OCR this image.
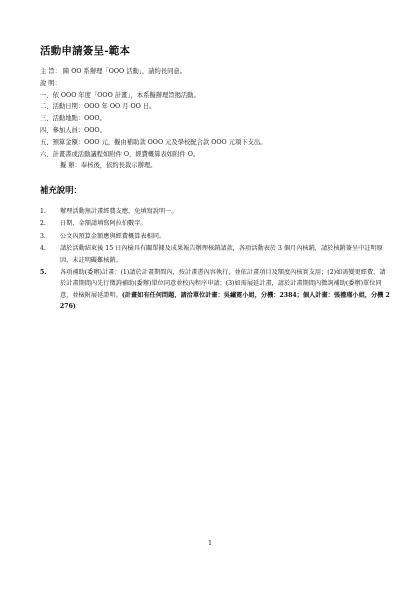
活動申請簽呈-範本
主 旨： 陳 OO 系辦理「OOO 活動」，請約長同意。
說 明：
一、依 OOO 年度「OOO 計畫」，本系擬辦理旨揭活動。
二、活動日期：OOO 年 OO 月 OO 日。
三、活動地點：OOO。
四、參加人員：OOO。
五、預算金額：OOO 元，擬由補助款 OOO 元及學校配合款 OOO 元項下支出。
六、計畫書或活動議程如附件 O，經費概算表如附件 O。
擬 辦：奉核後，依約長裁示辦理。
補充說明：
1.	辦理活動無計畫經費支應，免填寫說明一。
2.	日期、金額請填寫阿拉伯數字。
3.	公文內預算金額應與經費概算表相同。
4.	請於活動結束後 15 日內檢具有關單據及成果報告辦理核銷請款，各項活動表於 3 個月內核銷，請於核銷簽呈中註明原因，未註明礙難核銷。
5.	各項補助(委辦)計畫：(1)請於計畫期間內，按計畫書內容執行，並依計畫項目及額度內核實支用；(2)如需變更經費，請於計畫期間內先行徵詢補助(委辦)單位同意並校內程序申請；(3)如需展延計畫，請於計畫期間內徵詢補助(委辦)單位同意，並檢附展延證明。(計畫如有任何問題，請洽單位計畫：吳繡霓小姐，分機：2384；個人計畫：張禮瑾小姐，分機 2276)
1
